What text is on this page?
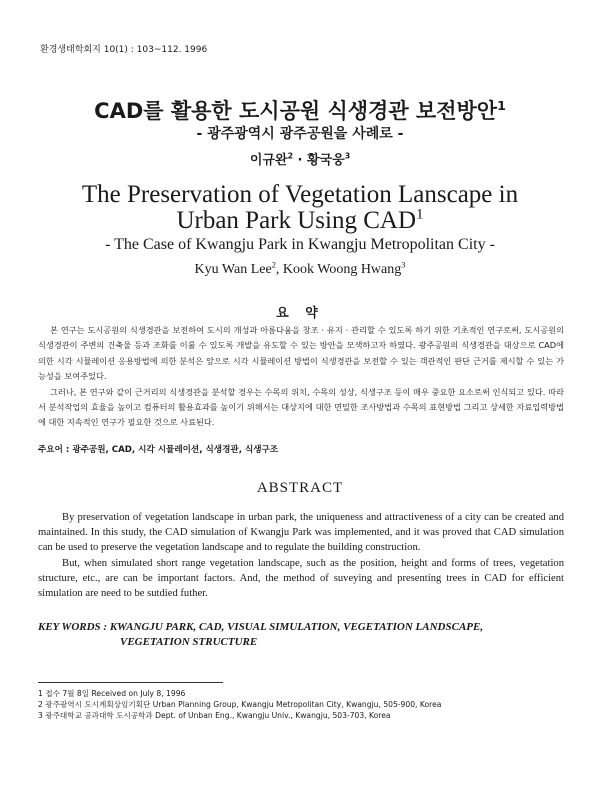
환경생태학회지 10(1) : 103~112. 1996
CAD를 활용한 도시공원 식생경관 보전방안$^1$
- 광주광역시 광주공원을 사례로 -
이규완$^2$ · 황국웅$^3$
The Preservation of Vegetation Lanscape in
Urban Park Using CAD$^1$
- The Case of Kwangju Park in Kwangju Metropolitan City -
Kyu Wan Lee$^2$, Kook Woong Hwang$^3$
요 약

본 연구는 도시공원의 식생경관을 보전하여 도시의 개성과 아름다움을 창조 · 유지 · 관리할 수 있도록 하기 위한 기초적인 연구로써, 도시공원의 식생경관이 주변의 건축물 등과 조화를 이룰 수 있도록 개발을 유도할 수 있는 방안을 모색하고자 하였다. 광주공원의 식생경관을 대상으로 CAD에 의한 시각 시뮬레이션 응용방법에 의한 분석은 앞으로 시각 시뮬레이션 방법이 식생경관을 보전할 수 있는 객관적인 판단 근거를 제시할 수 있는 가능성을 보여주었다.

그러나, 본 연구와 같이 근거리의 식생경관을 분석할 경우는 수목의 위치, 수목의 성상, 식생구조 등이 매우 중요한 요소로써 인식되고 있다. 따라서 분석작업의 효율을 높이고 컴퓨터의 활용효과를 높이기 위해서는 대상지에 대한 면밀한 조사방법과 수목의 표현방법 그리고 상세한 자료입력방법에 대한 지속적인 연구가 필요한 것으로 사료된다.

주요어 : 광주공원, CAD, 시각 시뮬레이션, 식생경관, 식생구조
ABSTRACT

By preservation of vegetation landscape in urban park, the uniqueness and attractiveness of a city can be created and maintained. In this study, the CAD simulation of Kwangju Park was implemented, and it was proved that CAD simulation can be used to preserve the vegetation landscape and to regulate the building construction.

But, when simulated short range vegetation landscape, such as the position, height and forms of trees, vegetation structure, etc., are can be important factors. And, the method of suveying and presenting trees in CAD for efficient simulation are need to be sutdied futher.

KEY WORDS : KWANGJU PARK, CAD, VISUAL SIMULATION, VEGETATION LANDSCAPE,
VEGETATION STRUCTURE
1 접수 7월 8일 Received on July 8, 1996
2 광주광역시 도시계획상임기획단 Urban Planning Group, Kwangju Metropolitan City, Kwangju, 505-900, Korea
3 광주대학교 공과대학 도시공학과 Dept. of Unban Eng., Kwangju Univ., Kwangju, 503-703, Korea
